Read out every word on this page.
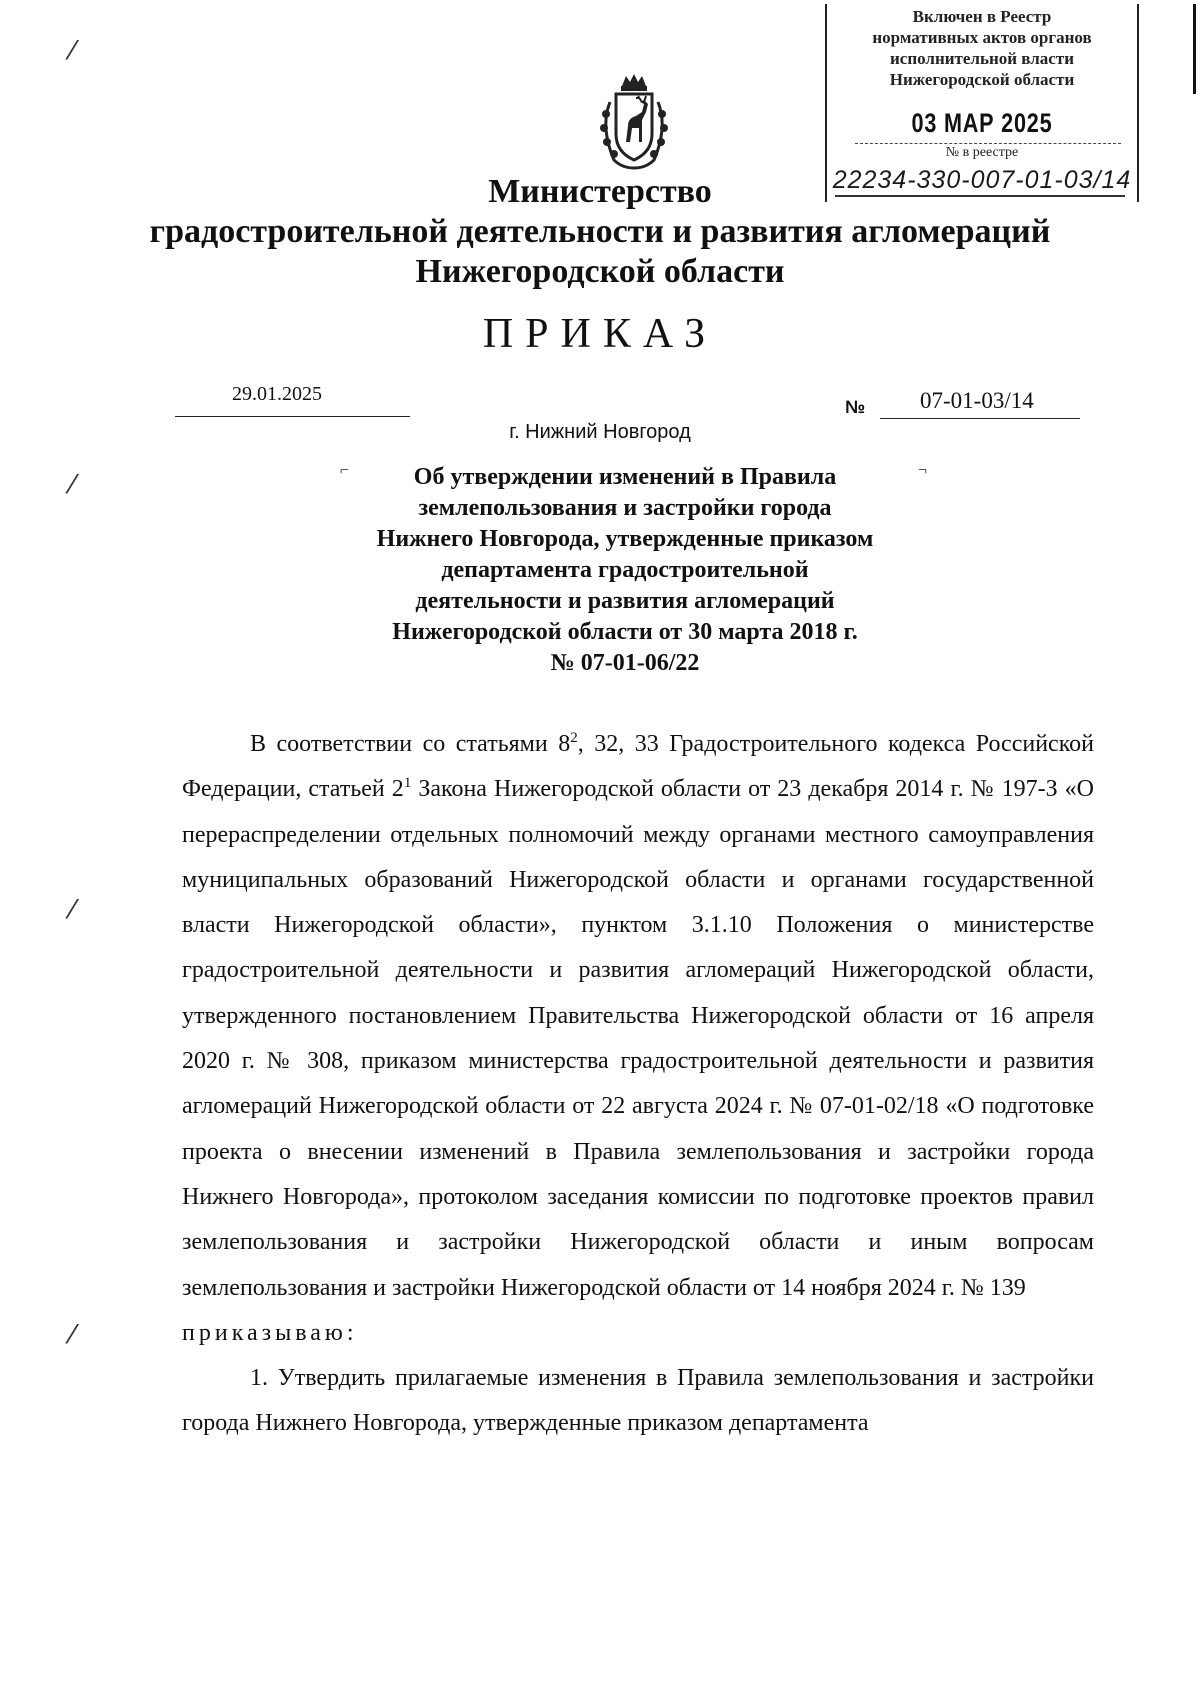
Включен в Реестр
нормативных актов органов
исполнительной власти
Нижегородской области
03 МАР 2025
№ в реестре
22234-330-007-01-03/14
⁄
⁄
⁄
⁄
Министерство
градостроительной деятельности и развития агломераций
Нижегородской области
ПРИКАЗ
29.01.2025
№ 07-01-03/14
г. Нижний Новгород
⌐	¬
Об утверждении изменений в Правила
землепользования и застройки города
Нижнего Новгорода, утвержденные приказом
департамента градостроительной
деятельности и развития агломераций
Нижегородской области от 30 марта 2018 г.
№ 07-01-06/22

В соответствии со статьями $8^2$, 32, 33 Градостроительного кодекса Российской Федерации, статьей $2^1$ Закона Нижегородской области от 23 декабря 2014 г. № 197-З «О перераспределении отдельных полномочий между органами местного самоуправления муниципальных образований Нижегородской области и органами государственной власти Нижегородской области», пунктом 3.1.10 Положения о министерстве градостроительной деятельности и развития агломераций Нижегородской области, утвержденного постановлением Правительства Нижегородской области от 16 апреля 2020 г. № 308, приказом министерства градостроительной деятельности и развития агломераций Нижегородской области от 22 августа 2024 г. № 07-01-02/18 «О подготовке проекта о внесении изменений в Правила землепользования и застройки города Нижнего Новгорода», протоколом заседания комиссии по подготовке проектов правил землепользования и застройки Нижегородской области и иным вопросам землепользования и застройки Нижегородской области от 14 ноября 2024 г. № 139

приказываю:

1. Утвердить прилагаемые изменения в Правила землепользования и застройки города Нижнего Новгорода, утвержденные приказом департамента
